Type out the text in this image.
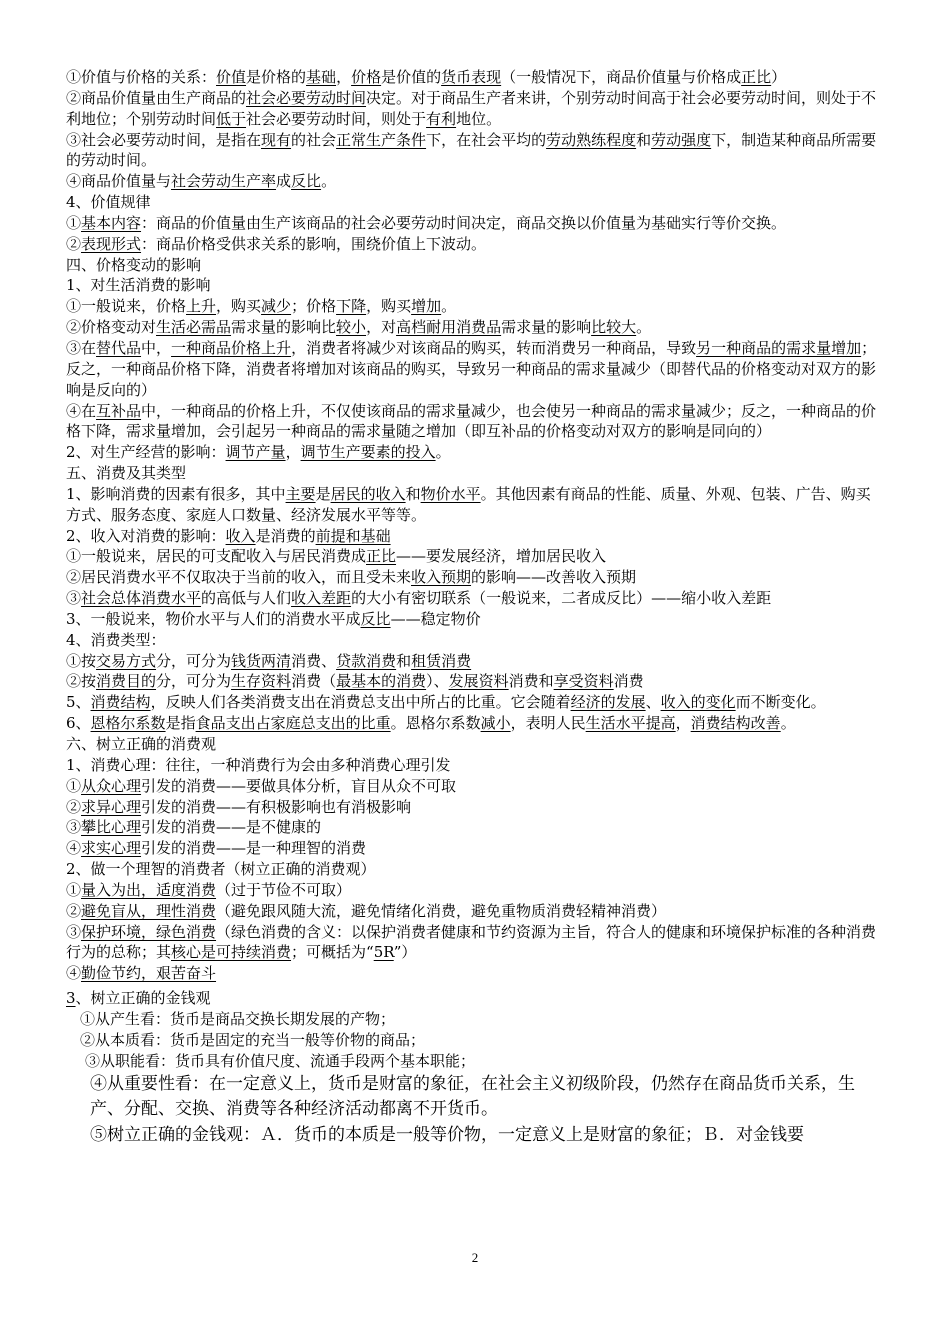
①价值与价格的关系：价值是价格的基础，价格是价值的货币表现（一般情况下，商品价值量与价格成正比）
②商品价值量由生产商品的社会必要劳动时间决定。对于商品生产者来讲，个别劳动时间高于社会必要劳动时间，则处于不利地位；个别劳动时间低于社会必要劳动时间，则处于有利地位。
③社会必要劳动时间，是指在现有的社会正常生产条件下，在社会平均的劳动熟练程度和劳动强度下，制造某种商品所需要的劳动时间。
④商品价值量与社会劳动生产率成反比。
4、价值规律
①基本内容：商品的价值量由生产该商品的社会必要劳动时间决定，商品交换以价值量为基础实行等价交换。
②表现形式：商品价格受供求关系的影响，围绕价值上下波动。
四、价格变动的影响
1、对生活消费的影响
①一般说来，价格上升，购买减少；价格下降，购买增加。
②价格变动对生活必需品需求量的影响比较小，对高档耐用消费品需求量的影响比较大。
③在替代品中，一种商品价格上升，消费者将减少对该商品的购买，转而消费另一种商品，导致另一种商品的需求量增加；反之，一种商品价格下降，消费者将增加对该商品的购买，导致另一种商品的需求量减少（即替代品的价格变动对双方的影响是反向的）
④在互补品中，一种商品的价格上升，不仅使该商品的需求量减少，也会使另一种商品的需求量减少；反之，一种商品的价格下降，需求量增加，会引起另一种商品的需求量随之增加（即互补品的价格变动对双方的影响是同向的）
2、对生产经营的影响：调节产量，调节生产要素的投入。
五、消费及其类型
1、影响消费的因素有很多，其中主要是居民的收入和物价水平。其他因素有商品的性能、质量、外观、包装、广告、购买方式、服务态度、家庭人口数量、经济发展水平等等。
2、收入对消费的影响：收入是消费的前提和基础
①一般说来，居民的可支配收入与居民消费成正比——要发展经济，增加居民收入
②居民消费水平不仅取决于当前的收入，而且受未来收入预期的影响——改善收入预期
③社会总体消费水平的高低与人们收入差距的大小有密切联系（一般说来，二者成反比）——缩小收入差距
3、一般说来，物价水平与人们的消费水平成反比——稳定物价
4、消费类型：
①按交易方式分，可分为钱货两清消费、贷款消费和租赁消费
②按消费目的分，可分为生存资料消费（最基本的消费）、发展资料消费和享受资料消费
5、消费结构，反映人们各类消费支出在消费总支出中所占的比重。它会随着经济的发展、收入的变化而不断变化。
6、恩格尔系数是指食品支出占家庭总支出的比重。恩格尔系数减小，表明人民生活水平提高，消费结构改善。
六、树立正确的消费观
1、消费心理：往往，一种消费行为会由多种消费心理引发
①从众心理引发的消费——要做具体分析，盲目从众不可取
②求异心理引发的消费——有积极影响也有消极影响
③攀比心理引发的消费——是不健康的
④求实心理引发的消费——是一种理智的消费
2、做一个理智的消费者（树立正确的消费观）
①量入为出，适度消费（过于节俭不可取）
②避免盲从，理性消费（避免跟风随大流，避免情绪化消费，避免重物质消费轻精神消费）
③保护环境，绿色消费（绿色消费的含义：以保护消费者健康和节约资源为主旨，符合人的健康和环境保护标准的各种消费行为的总称；其核心是可持续消费；可概括为“5R”）
④勤俭节约，艰苦奋斗
3、树立正确的金钱观
①从产生看：货币是商品交换长期发展的产物；
②从本质看：货币是固定的充当一般等价物的商品；
③从职能看：货币具有价值尺度、流通手段两个基本职能；
④从重要性看：在一定意义上，货币是财富的象征，在社会主义初级阶段，仍然存在商品货币关系，生产、分配、交换、消费等各种经济活动都离不开货币。
⑤树立正确的金钱观：Ａ．货币的本质是一般等价物，一定意义上是财富的象征；Ｂ．对金钱要
2
